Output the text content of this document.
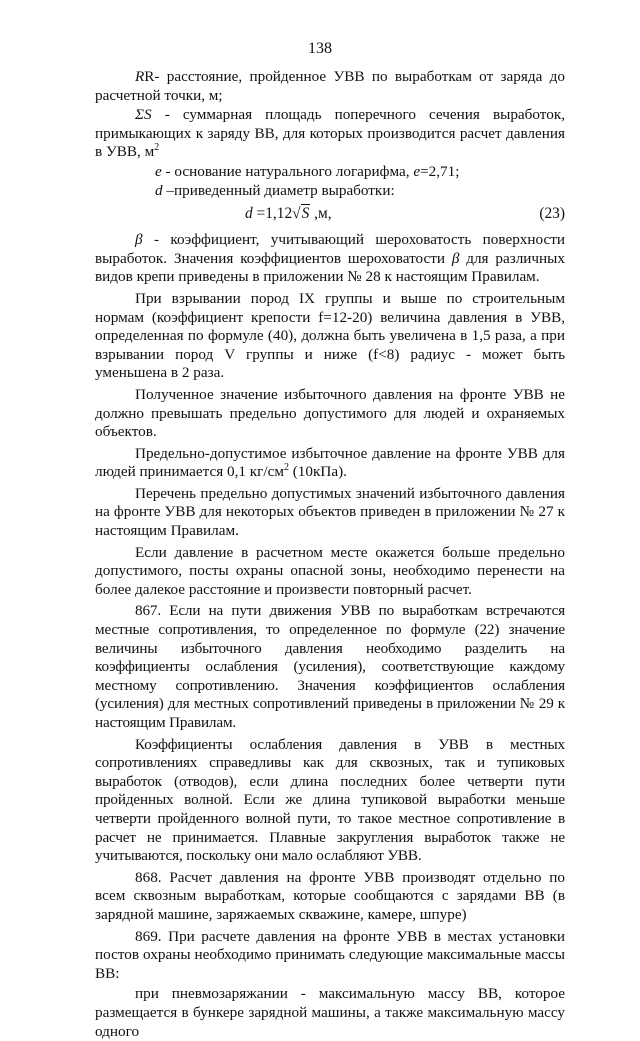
138

RR- расстояние, пройденное УВВ по выработкам от заряда до расчетной точки, м;

ΣS - суммарная площадь поперечного сечения выработок, примыкающих к заряду ВВ, для которых производится расчет давления в УВВ, $м^2$

e - основание натурального логарифма, e=2,71;

d –приведенный диаметр выработки:

d =1,12√S ,м,	(23)

β - коэффициент, учитывающий шероховатость поверхности выработок. Значения коэффициентов шероховатости β для различных видов крепи приведены в приложении № 28 к настоящим Правилам.

При взрывании пород IX группы и выше по строительным нормам (коэффициент крепости f=12-20) величина давления в УВВ, определенная по формуле (40), должна быть увеличена в 1,5 раза, а при взрывании пород V группы и ниже (f<8) радиус - может быть уменьшена в 2 раза.

Полученное значение избыточного давления на фронте УВВ не должно превышать предельно допустимого для людей и охраняемых объектов.

Предельно-допустимое избыточное давление на фронте УВВ для людей принимается 0,1 $кг/см^2$ (10кПа).

Перечень предельно допустимых значений избыточного давления на фронте УВВ для некоторых объектов приведен в приложении № 27 к настоящим Правилам.

Если давление в расчетном месте окажется больше предельно допустимого, посты охраны опасной зоны, необходимо перенести на более далекое расстояние и произвести повторный расчет.

867. Если на пути движения УВВ по выработкам встречаются местные сопротивления, то определенное по формуле (22) значение величины избыточного давления необходимо разделить на коэффициенты ослабления (усиления), соответствующие каждому местному сопротивлению. Значения коэффициентов ослабления (усиления) для местных сопротивлений приведены в приложении № 29 к настоящим Правилам.

Коэффициенты ослабления давления в УВВ в местных сопротивлениях справедливы как для сквозных, так и тупиковых выработок (отводов), если длина последних более четверти пути пройденных волной. Если же длина тупиковой выработки меньше четверти пройденного волной пути, то такое местное сопротивление в расчет не принимается. Плавные закругления выработок также не учитываются, поскольку они мало ослабляют УВВ.

868. Расчет давления на фронте УВВ производят отдельно по всем сквозным выработкам, которые сообщаются с зарядами ВВ (в зарядной машине, заряжаемых скважине, камере, шпуре)

869. При расчете давления на фронте УВВ в местах установки постов охраны необходимо принимать следующие максимальные массы ВВ:

при пневмозаряжании - максимальную массу ВВ, которое размещается в бункере зарядной машины, а также максимальную массу одного
